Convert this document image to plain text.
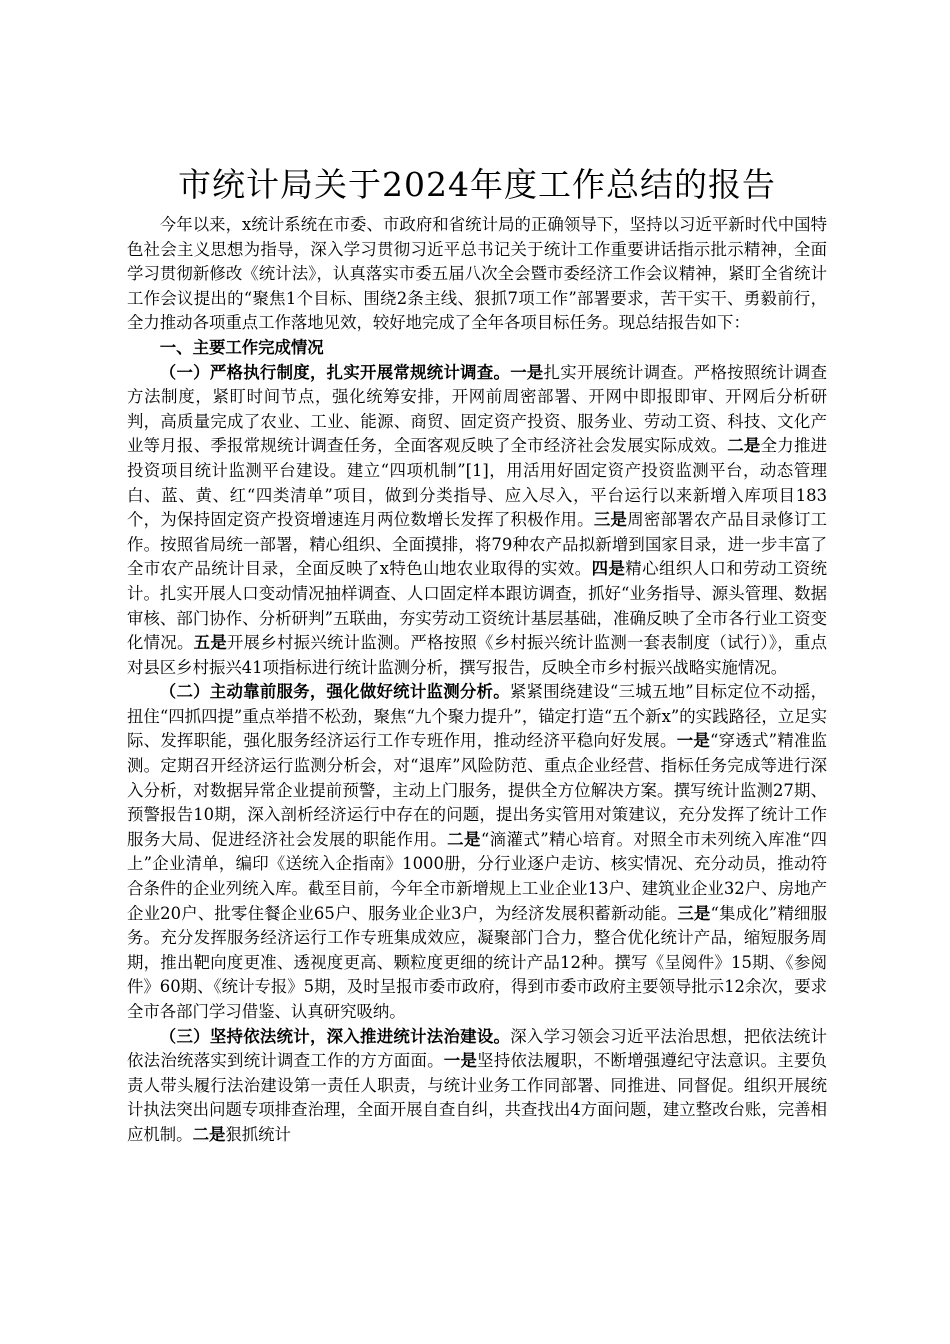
市统计局关于2024年度工作总结的报告

今年以来，x统计系统在市委、市政府和省统计局的正确领导下，坚持以习近平新时代中国特色社会主义思想为指导，深入学习贯彻习近平总书记关于统计工作重要讲话指示批示精神，全面学习贯彻新修改《统计法》，认真落实市委五届八次全会暨市委经济工作会议精神，紧盯全省统计工作会议提出的“聚焦1个目标、围绕2条主线、狠抓7项工作”部署要求，苦干实干、勇毅前行，全力推动各项重点工作落地见效，较好地完成了全年各项目标任务。现总结报告如下：

一、主要工作完成情况

（一）严格执行制度，扎实开展常规统计调查。一是扎实开展统计调查。严格按照统计调查方法制度，紧盯时间节点，强化统筹安排，开网前周密部署、开网中即报即审、开网后分析研判，高质量完成了农业、工业、能源、商贸、固定资产投资、服务业、劳动工资、科技、文化产业等月报、季报常规统计调查任务，全面客观反映了全市经济社会发展实际成效。二是全力推进投资项目统计监测平台建设。建立“四项机制”[1]，用活用好固定资产投资监测平台，动态管理白、蓝、黄、红“四类清单”项目，做到分类指导、应入尽入，平台运行以来新增入库项目183个，为保持固定资产投资增速连月两位数增长发挥了积极作用。三是周密部署农产品目录修订工作。按照省局统一部署，精心组织、全面摸排，将79种农产品拟新增到国家目录，进一步丰富了全市农产品统计目录，全面反映了x特色山地农业取得的实效。四是精心组织人口和劳动工资统计。扎实开展人口变动情况抽样调查、人口固定样本跟访调查，抓好“业务指导、源头管理、数据审核、部门协作、分析研判”五联曲，夯实劳动工资统计基层基础，准确反映了全市各行业工资变化情况。五是开展乡村振兴统计监测。严格按照《乡村振兴统计监测一套表制度（试行）》，重点对县区乡村振兴41项指标进行统计监测分析，撰写报告，反映全市乡村振兴战略实施情况。

（二）主动靠前服务，强化做好统计监测分析。紧紧围绕建设“三城五地”目标定位不动摇，扭住“四抓四提”重点举措不松劲，聚焦“九个聚力提升”，锚定打造“五个新x”的实践路径，立足实际、发挥职能，强化服务经济运行工作专班作用，推动经济平稳向好发展。一是“穿透式”精准监测。定期召开经济运行监测分析会，对“退库”风险防范、重点企业经营、指标任务完成等进行深入分析，对数据异常企业提前预警，主动上门服务，提供全方位解决方案。撰写统计监测27期、预警报告10期，深入剖析经济运行中存在的问题，提出务实管用对策建议，充分发挥了统计工作服务大局、促进经济社会发展的职能作用。二是“滴灌式”精心培育。对照全市未列统入库准“四上”企业清单，编印《送统入企指南》1000册，分行业逐户走访、核实情况、充分动员，推动符合条件的企业列统入库。截至目前，今年全市新增规上工业企业13户、建筑业企业32户、房地产企业20户、批零住餐企业65户、服务业企业3户，为经济发展积蓄新动能。三是“集成化”精细服务。充分发挥服务经济运行工作专班集成效应，凝聚部门合力，整合优化统计产品，缩短服务周期，推出靶向度更准、透视度更高、颗粒度更细的统计产品12种。撰写《呈阅件》15期、《参阅件》60期、《统计专报》5期，及时呈报市委市政府，得到市委市政府主要领导批示12余次，要求全市各部门学习借鉴、认真研究吸纳。

（三）坚持依法统计，深入推进统计法治建设。深入学习领会习近平法治思想，把依法统计依法治统落实到统计调查工作的方方面面。一是坚持依法履职，不断增强遵纪守法意识。主要负责人带头履行法治建设第一责任人职责，与统计业务工作同部署、同推进、同督促。组织开展统计执法突出问题专项排查治理，全面开展自查自纠，共查找出4方面问题，建立整改台账，完善相应机制。二是狠抓统计
